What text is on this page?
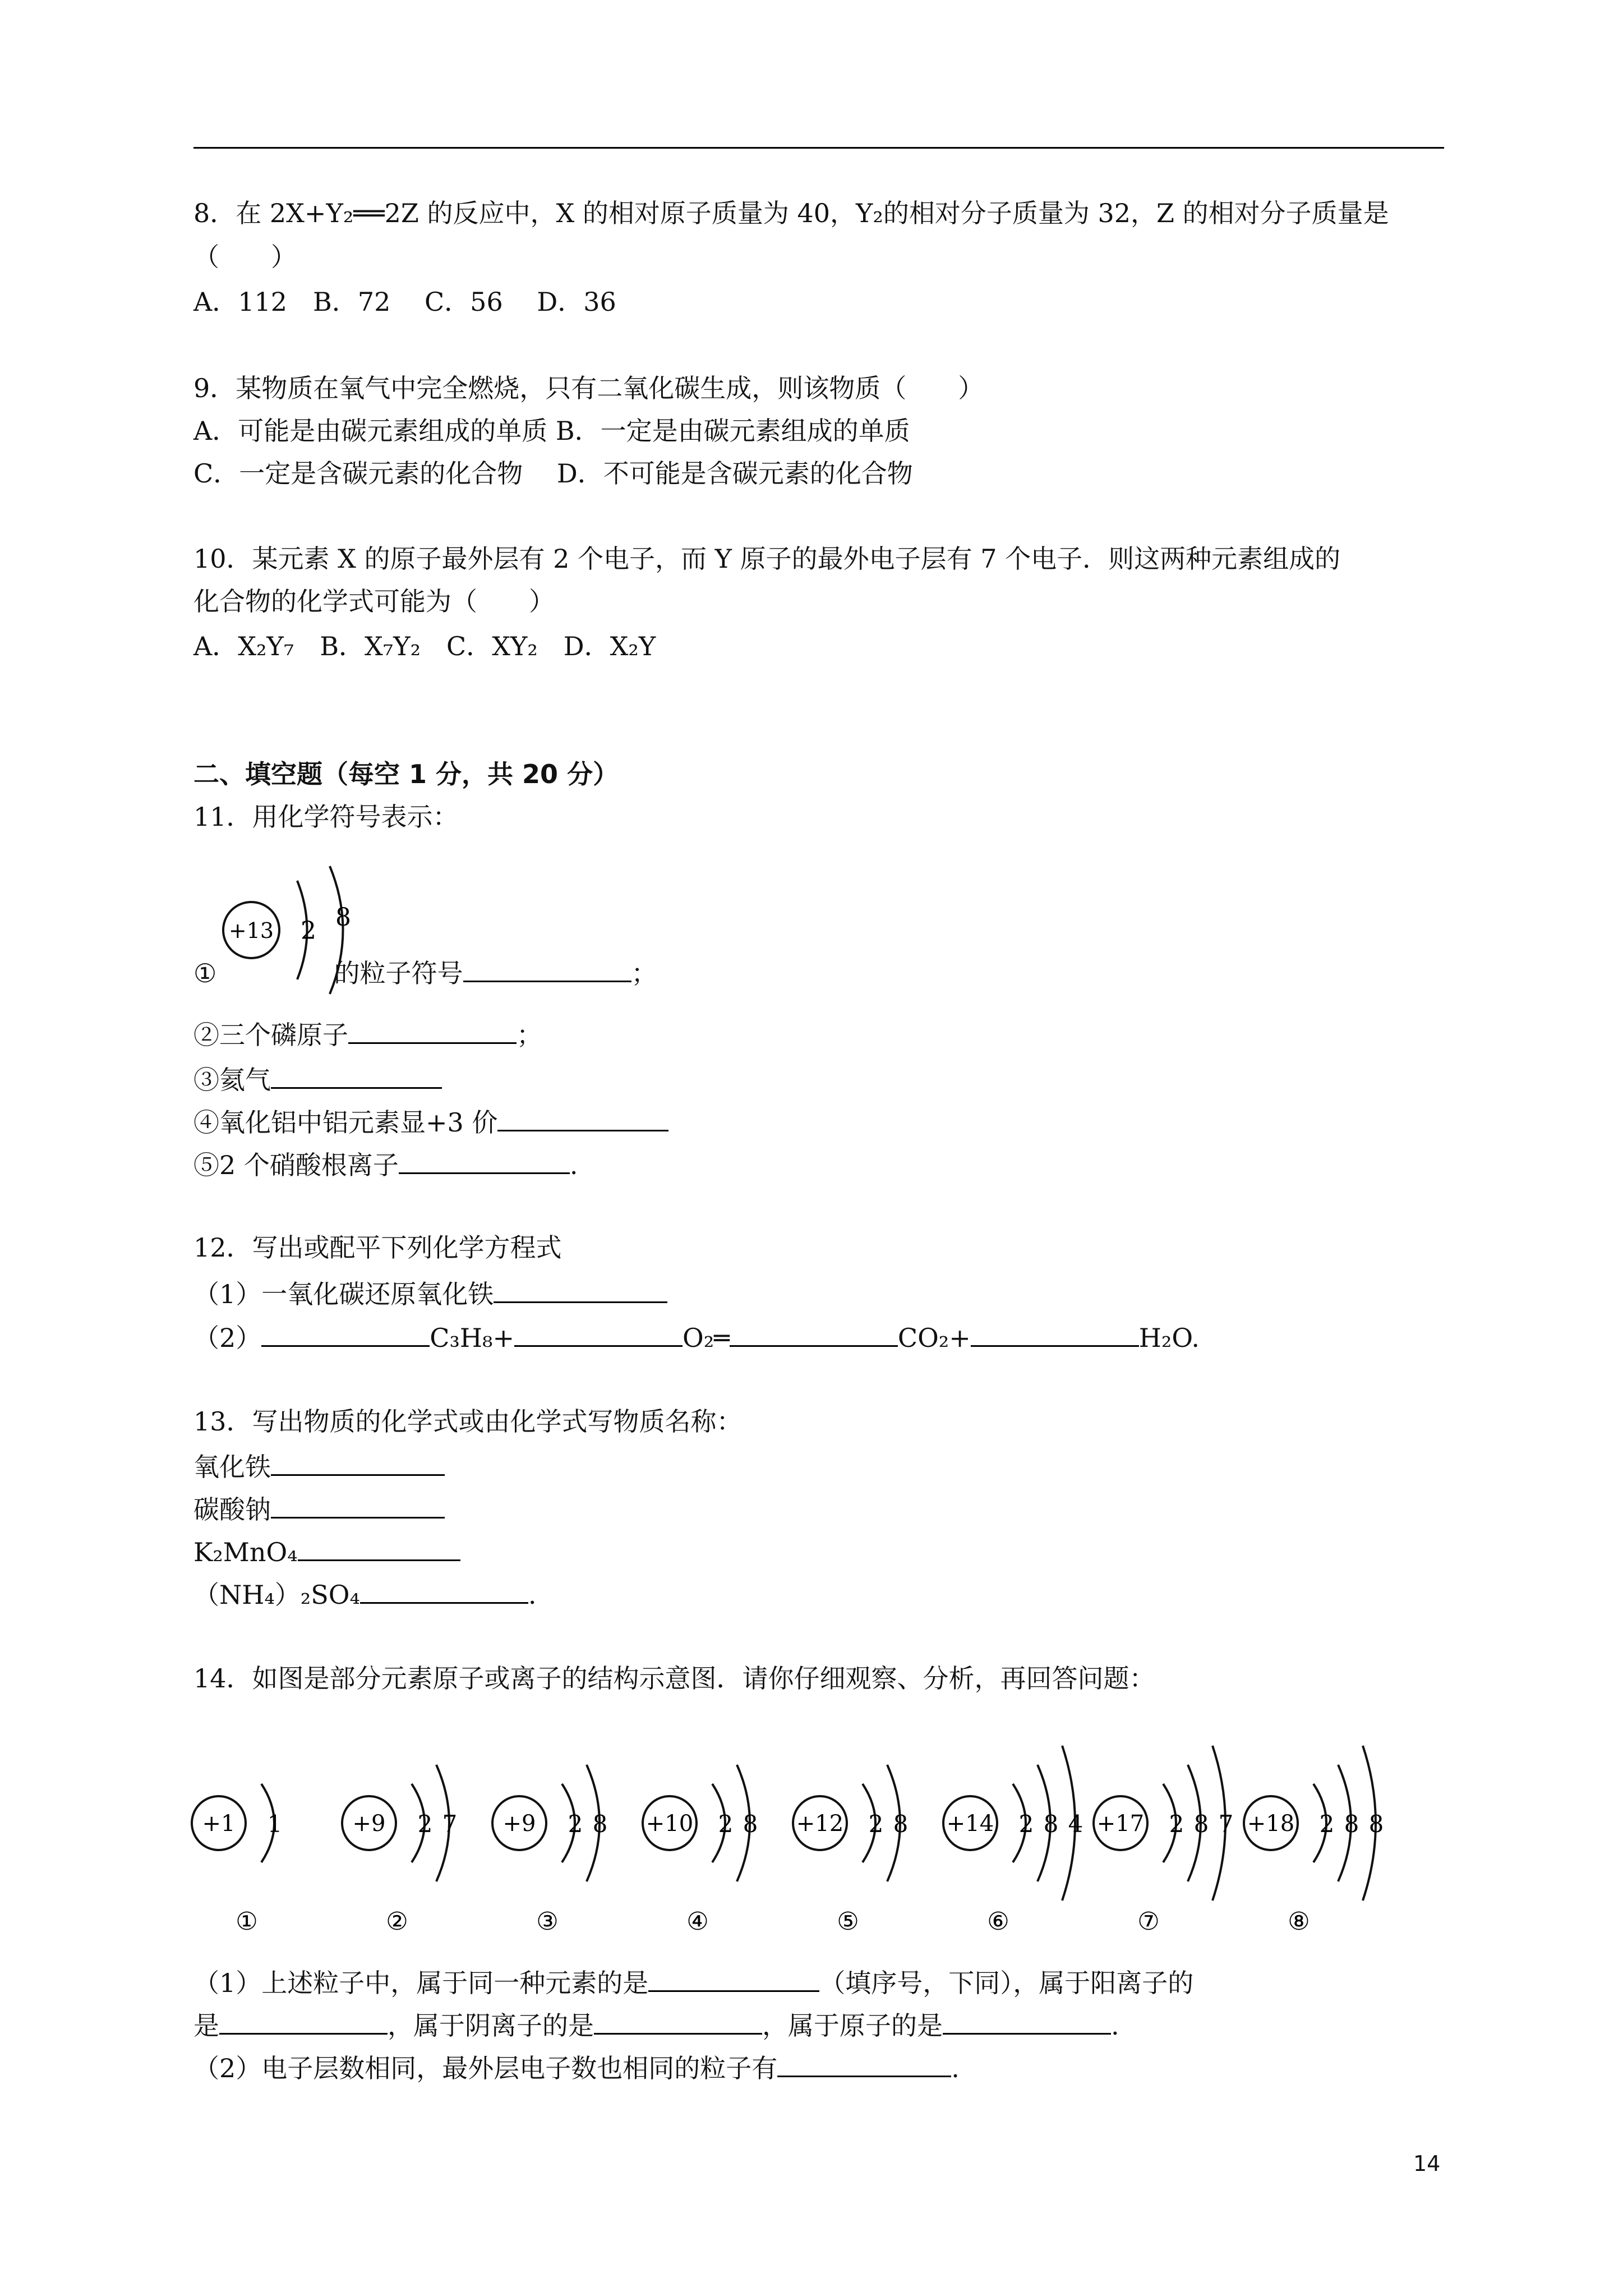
8．在 2X+Y₂══2Z 的反应中，X 的相对原子质量为 40，Y₂的相对分子质量为 32，Z 的相对分子质量是
（　　）
A．112　B．72　 C．56　 D．36
9．某物质在氧气中完全燃烧，只有二氧化碳生成，则该物质（　　）
A．可能是由碳元素组成的单质 B．一定是由碳元素组成的单质
C．一定是含碳元素的化合物　 D．不可能是含碳元素的化合物
10．某元素 X 的原子最外层有 2 个电子，而 Y 原子的最外电子层有 7 个电子．则这两种元素组成的
化合物的化学式可能为（　　）
A．X₂Y₇　B．X₇Y₂　C．XY₂　D．X₂Y
二、填空题（每空 1 分，共 20 分）
11．用化学符号表示：
+13 2 8
①	的粒子符号	；
②三个磷原子	；
③氦气
④氧化铝中铝元素显+3 价
⑤2 个硝酸根离子	.
12．写出或配平下列化学方程式
（1）一氧化碳还原氧化铁
（2）	C₃H₈+	O₂═	CO₂+	H₂O.
13．写出物质的化学式或由化学式写物质名称：
氧化铁
碳酸钠
K₂MnO₄
（NH₄）₂SO₄	.
14．如图是部分元素原子或离子的结构示意图．请你仔细观察、分析，再回答问题：
+1 1
①
+9 2 7
②
+9 2 8
③
+10 2 8
④
+12 2 8
⑤
+14 2 8 4
⑥
+17 2 8 7
⑦
+18 2 8 8
⑧
（1）上述粒子中，属于同一种元素的是	（填序号，下同），属于阳离子的
是	，属于阴离子的是	，属于原子的是	.
（2）电子层数相同，最外层电子数也相同的粒子有	.
14
